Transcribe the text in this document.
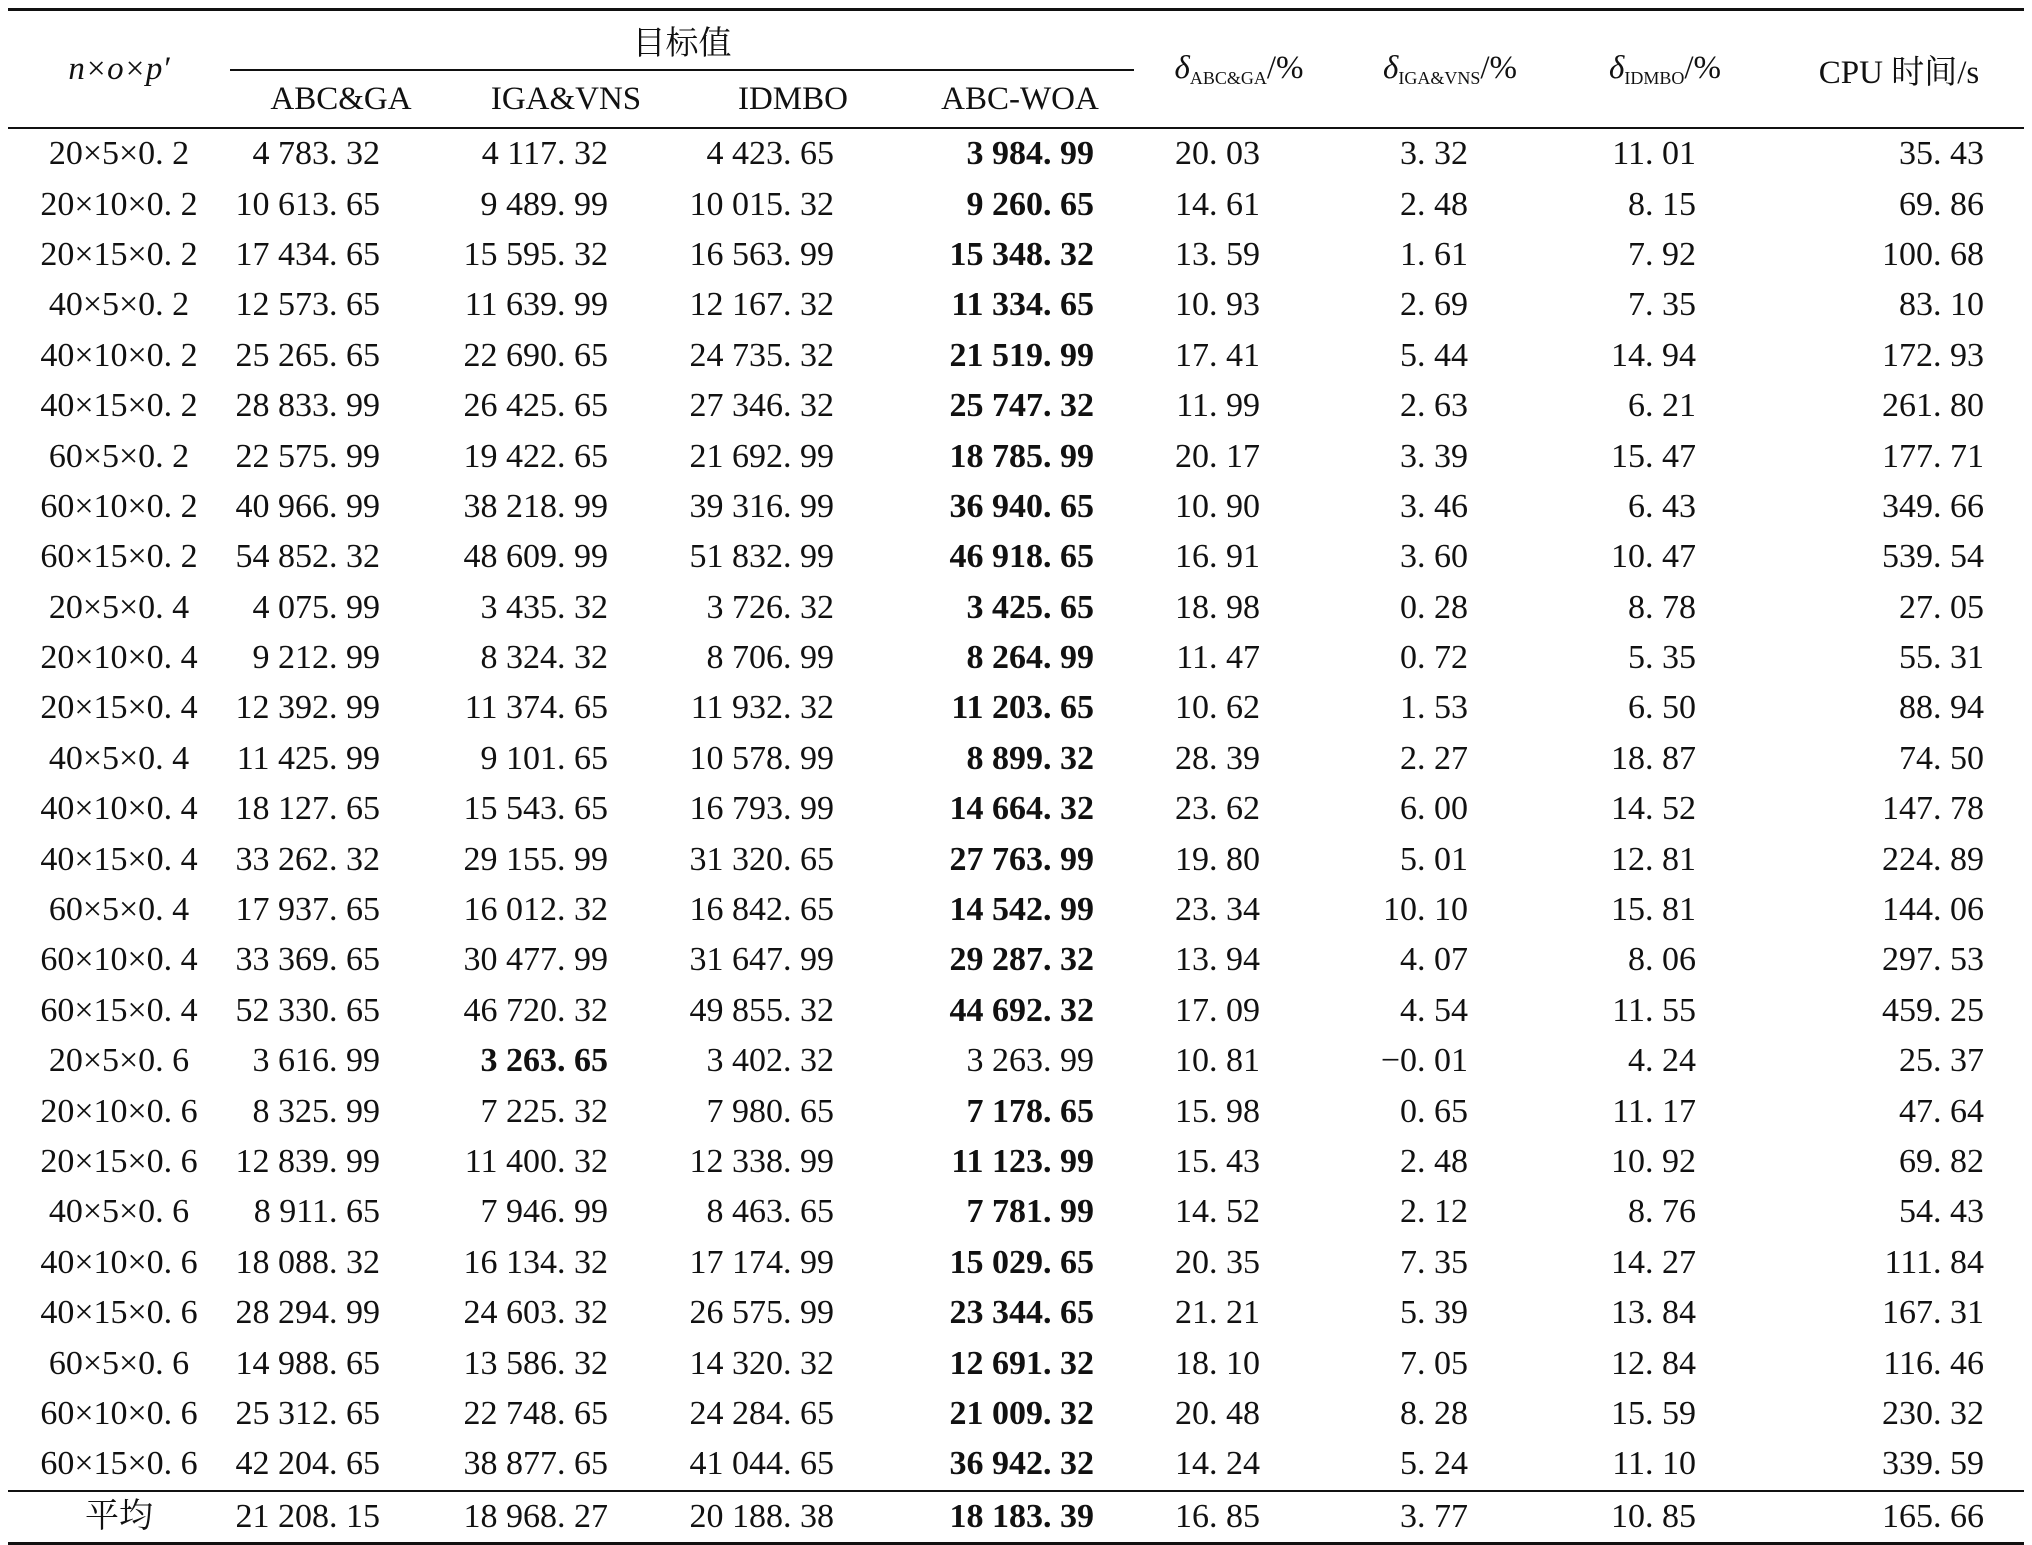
n×o×p′	目标值				$\delta_{ABC\&GA}/\%$	$\delta_{IGA\&VNS}/\%$	$\delta_{IDMBO}/\%$	CPU 时间/s
	ABC&GA	IGA&VNS	IDMBO	ABC-WOA				
20×5×0. 2	4 783. 32	4 117. 32	4 423. 65	3 984. 99	20. 03	3. 32	11. 01	35. 43
20×10×0. 2	10 613. 65	9 489. 99	10 015. 32	9 260. 65	14. 61	2. 48	8. 15	69. 86
20×15×0. 2	17 434. 65	15 595. 32	16 563. 99	15 348. 32	13. 59	1. 61	7. 92	100. 68
40×5×0. 2	12 573. 65	11 639. 99	12 167. 32	11 334. 65	10. 93	2. 69	7. 35	83. 10
40×10×0. 2	25 265. 65	22 690. 65	24 735. 32	21 519. 99	17. 41	5. 44	14. 94	172. 93
40×15×0. 2	28 833. 99	26 425. 65	27 346. 32	25 747. 32	11. 99	2. 63	6. 21	261. 80
60×5×0. 2	22 575. 99	19 422. 65	21 692. 99	18 785. 99	20. 17	3. 39	15. 47	177. 71
60×10×0. 2	40 966. 99	38 218. 99	39 316. 99	36 940. 65	10. 90	3. 46	6. 43	349. 66
60×15×0. 2	54 852. 32	48 609. 99	51 832. 99	46 918. 65	16. 91	3. 60	10. 47	539. 54
20×5×0. 4	4 075. 99	3 435. 32	3 726. 32	3 425. 65	18. 98	0. 28	8. 78	27. 05
20×10×0. 4	9 212. 99	8 324. 32	8 706. 99	8 264. 99	11. 47	0. 72	5. 35	55. 31
20×15×0. 4	12 392. 99	11 374. 65	11 932. 32	11 203. 65	10. 62	1. 53	6. 50	88. 94
40×5×0. 4	11 425. 99	9 101. 65	10 578. 99	8 899. 32	28. 39	2. 27	18. 87	74. 50
40×10×0. 4	18 127. 65	15 543. 65	16 793. 99	14 664. 32	23. 62	6. 00	14. 52	147. 78
40×15×0. 4	33 262. 32	29 155. 99	31 320. 65	27 763. 99	19. 80	5. 01	12. 81	224. 89
60×5×0. 4	17 937. 65	16 012. 32	16 842. 65	14 542. 99	23. 34	10. 10	15. 81	144. 06
60×10×0. 4	33 369. 65	30 477. 99	31 647. 99	29 287. 32	13. 94	4. 07	8. 06	297. 53
60×15×0. 4	52 330. 65	46 720. 32	49 855. 32	44 692. 32	17. 09	4. 54	11. 55	459. 25
20×5×0. 6	3 616. 99	3 263. 65	3 402. 32	3 263. 99	10. 81	−0. 01	4. 24	25. 37
20×10×0. 6	8 325. 99	7 225. 32	7 980. 65	7 178. 65	15. 98	0. 65	11. 17	47. 64
20×15×0. 6	12 839. 99	11 400. 32	12 338. 99	11 123. 99	15. 43	2. 48	10. 92	69. 82
40×5×0. 6	8 911. 65	7 946. 99	8 463. 65	7 781. 99	14. 52	2. 12	8. 76	54. 43
40×10×0. 6	18 088. 32	16 134. 32	17 174. 99	15 029. 65	20. 35	7. 35	14. 27	111. 84
40×15×0. 6	28 294. 99	24 603. 32	26 575. 99	23 344. 65	21. 21	5. 39	13. 84	167. 31
60×5×0. 6	14 988. 65	13 586. 32	14 320. 32	12 691. 32	18. 10	7. 05	12. 84	116. 46
60×10×0. 6	25 312. 65	22 748. 65	24 284. 65	21 009. 32	20. 48	8. 28	15. 59	230. 32
60×15×0. 6	42 204. 65	38 877. 65	41 044. 65	36 942. 32	14. 24	5. 24	11. 10	339. 59
平均	21 208. 15	18 968. 27	20 188. 38	18 183. 39	16. 85	3. 77	10. 85	165. 66
